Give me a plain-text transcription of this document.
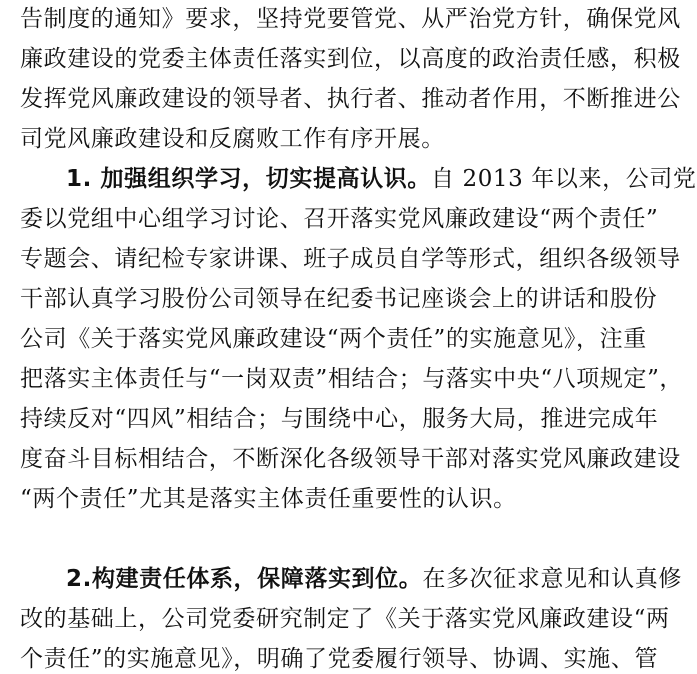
告制度的通知》要求，坚持党要管党、从严治党方针，确保党风
廉政建设的党委主体责任落实到位，以高度的政治责任感，积极
发挥党风廉政建设的领导者、执行者、推动者作用，不断推进公
司党风廉政建设和反腐败工作有序开展。
1. 加强组织学习，切实提高认识。自 2013 年以来，公司党
委以党组中心组学习讨论、召开落实党风廉政建设“两个责任”
专题会、请纪检专家讲课、班子成员自学等形式，组织各级领导
干部认真学习股份公司领导在纪委书记座谈会上的讲话和股份
公司《关于落实党风廉政建设“两个责任”的实施意见》，注重
把落实主体责任与“一岗双责”相结合；与落实中央“八项规定”，
持续反对“四风”相结合；与围绕中心，服务大局，推进完成年
度奋斗目标相结合，不断深化各级领导干部对落实党风廉政建设
“两个责任”尤其是落实主体责任重要性的认识。
2.构建责任体系，保障落实到位。在多次征求意见和认真修
改的基础上，公司党委研究制定了《关于落实党风廉政建设“两
个责任”的实施意见》，明确了党委履行领导、协调、实施、管
